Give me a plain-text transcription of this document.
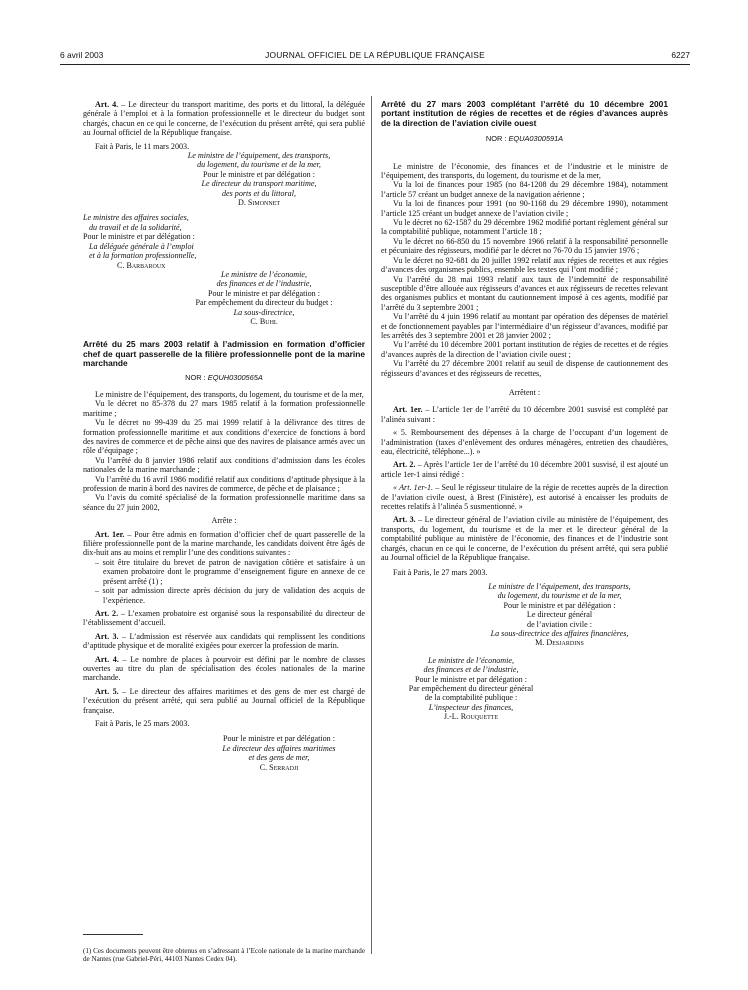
6 avril 2003	JOURNAL OFFICIEL DE LA RÉPUBLIQUE FRANÇAISE	6227

Art. 4. – Le directeur du transport maritime, des ports et du littoral, la déléguée générale à l’emploi et à la formation professionnelle et le directeur du budget sont chargés, chacun en ce qui le concerne, de l’exécution du présent arrêté, qui sera publié au Journal officiel de la République française.

Fait à Paris, le 11 mars 2003.

Le ministre de l’équipement, des transports,

du logement, du tourisme et de la mer,

Pour le ministre et par délégation :

Le directeur du transport maritime,

des ports et du littoral,

D. Simonnet

Le ministre des affaires sociales,

du travail et de la solidarité,

Pour le ministre et par délégation :

La déléguée générale à l’emploi

et à la formation professionnelle,

C. Barbaroux

Le ministre de l’économie,

des finances et de l’industrie,

Pour le ministre et par délégation :

Par empêchement du directeur du budget :

La sous-directrice,

C. Buhl

Arrêté du 25 mars 2003 relatif à l’admission en formation d’officier chef de quart passerelle de la filière professionnelle pont de la marine marchande

NOR : EQUH0300565A

Le ministre de l’équipement, des transports, du logement, du tourisme et de la mer,

Vu le décret no 85-378 du 27 mars 1985 relatif à la formation professionnelle maritime ;

Vu le décret no 99-439 du 25 mai 1999 relatif à la délivrance des titres de formation professionnelle maritime et aux conditions d’exercice de fonctions à bord des navires de commerce et de pêche ainsi que des navires de plaisance armés avec un rôle d’équipage ;

Vu l’arrêté du 8 janvier 1986 relatif aux conditions d’admission dans les écoles nationales de la marine marchande ;

Vu l’arrêté du 16 avril 1986 modifié relatif aux conditions d’aptitude physique à la profession de marin à bord des navires de commerce, de pêche et de plaisance ;

Vu l’avis du comité spécialisé de la formation professionnelle maritime dans sa séance du 27 juin 2002,

Arrête :

Art. 1er. – Pour être admis en formation d’officier chef de quart passerelle de la filière professionnelle pont de la marine marchande, les candidats doivent être âgés de dix-huit ans au moins et remplir l’une des conditions suivantes :

– soit être titulaire du brevet de patron de navigation côtière et satisfaire à un examen probatoire dont le programme d’enseignement figure en annexe de ce présent arrêté (1) ;

– soit par admission directe après décision du jury de validation des acquis de l’expérience.

Art. 2. – L’examen probatoire est organisé sous la responsabilité du directeur de l’établissement d’accueil.

Art. 3. – L’admission est réservée aux candidats qui remplissent les conditions d’aptitude physique et de moralité exigées pour exercer la profession de marin.

Art. 4. – Le nombre de places à pourvoir est défini par le nombre de classes ouvertes au titre du plan de spécialisation des écoles nationales de la marine marchande.

Art. 5. – Le directeur des affaires maritimes et des gens de mer est chargé de l’exécution du présent arrêté, qui sera publié au Journal officiel de la République française.

Fait à Paris, le 25 mars 2003.

Pour le ministre et par délégation :

Le directeur des affaires maritimes

et des gens de mer,

C. Serradji

(1) Ces documents peuvent être obtenus en s’adressant à l’Ecole nationale de la marine marchande de Nantes (rue Gabriel-Péri, 44103 Nantes Cedex 04).

Arrêté du 27 mars 2003 complétant l’arrêté du 10 décembre 2001 portant institution de régies de recettes et de régies d’avances auprès de la direction de l’aviation civile ouest

NOR : EQUA0300591A

Le ministre de l’économie, des finances et de l’industrie et le ministre de l’équipement, des transports, du logement, du tourisme et de la mer,

Vu la loi de finances pour 1985 (no 84-1208 du 29 décembre 1984), notamment l’article 57 créant un budget annexe de la navigation aérienne ;

Vu la loi de finances pour 1991 (no 90-1168 du 29 décembre 1990), notamment l’article 125 créant un budget annexe de l’aviation civile ;

Vu le décret no 62-1587 du 29 décembre 1962 modifié portant règlement général sur la comptabilité publique, notamment l’article 18 ;

Vu le décret no 66-850 du 15 novembre 1966 relatif à la responsabilité personnelle et pécuniaire des régisseurs, modifié par le décret no 76-70 du 15 janvier 1976 ;

Vu le décret no 92-681 du 20 juillet 1992 relatif aux régies de recettes et aux régies d’avances des organismes publics, ensemble les textes qui l’ont modifié ;

Vu l’arrêté du 28 mai 1993 relatif aux taux de l’indemnité de responsabilité susceptible d’être allouée aux régisseurs d’avances et aux régisseurs de recettes relevant des organismes publics et montant du cautionnement imposé à ces agents, modifié par l’arrêté du 3 septembre 2001 ;

Vu l’arrêté du 4 juin 1996 relatif au montant par opération des dépenses de matériel et de fonctionnement payables par l’intermédiaire d’un régisseur d’avances, modifié par les arrêtés des 3 septembre 2001 et 28 janvier 2002 ;

Vu l’arrêté du 10 décembre 2001 portant institution de régies de recettes et de régies d’avances auprès de la direction de l’aviation civile ouest ;

Vu l’arrêté du 27 décembre 2001 relatif au seuil de dispense de cautionnement des régisseurs d’avances et des régisseurs de recettes,

Arrêtent :

Art. 1er. – L’article 1er de l’arrêté du 10 décembre 2001 susvisé est complété par l’alinéa suivant :

« 5. Remboursement des dépenses à la charge de l’occupant d’un logement de l’administration (taxes d’enlèvement des ordures ménagères, entretien des chaudières, eau, électricité, téléphone...). »

Art. 2. – Après l’article 1er de l’arrêté du 10 décembre 2001 susvisé, il est ajouté un article 1er-1 ainsi rédigé :

« Art. 1er-1. – Seul le régisseur titulaire de la régie de recettes auprès de la direction de l’aviation civile ouest, à Brest (Finistère), est autorisé à encaisser les produits de recettes relatifs à l’alinéa 5 susmentionné. »

Art. 3. – Le directeur général de l’aviation civile au ministère de l’équipement, des transports, du logement, du tourisme et de la mer et le directeur général de la comptabilité publique au ministère de l’économie, des finances et de l’industrie sont chargés, chacun en ce qui le concerne, de l’exécution du présent arrêté, qui sera publié au Journal officiel de la République française.

Fait à Paris, le 27 mars 2003.

Le ministre de l’équipement, des transports,

du logement, du tourisme et de la mer,

Pour le ministre et par délégation :

Le directeur général

de l’aviation civile :

La sous-directrice des affaires financières,

M. Desjardins

Le ministre de l’économie,

des finances et de l’industrie,

Pour le ministre et par délégation :

Par empêchement du directeur général

de la comptabilité publique :

L’inspecteur des finances,

J.-L. Rouquette
